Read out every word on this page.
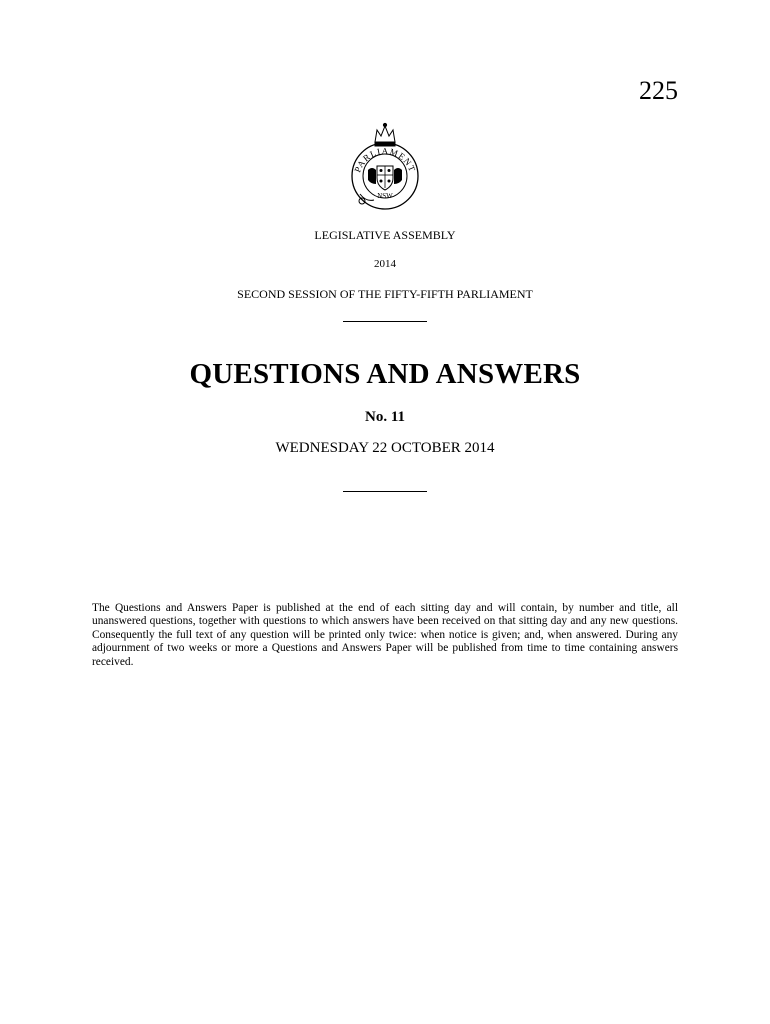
225
PARLIAMENT
NSW
LEGISLATIVE ASSEMBLY
2014
SECOND SESSION OF THE FIFTY-FIFTH PARLIAMENT
QUESTIONS AND ANSWERS
No. 11
WEDNESDAY 22 OCTOBER 2014

The Questions and Answers Paper is published at the end of each sitting day and will contain, by number and title, all unanswered questions, together with questions to which answers have been received on that sitting day and any new questions. Consequently the full text of any question will be printed only twice: when notice is given; and, when answered. During any adjournment of two weeks or more a Questions and Answers Paper will be published from time to time containing answers received.
